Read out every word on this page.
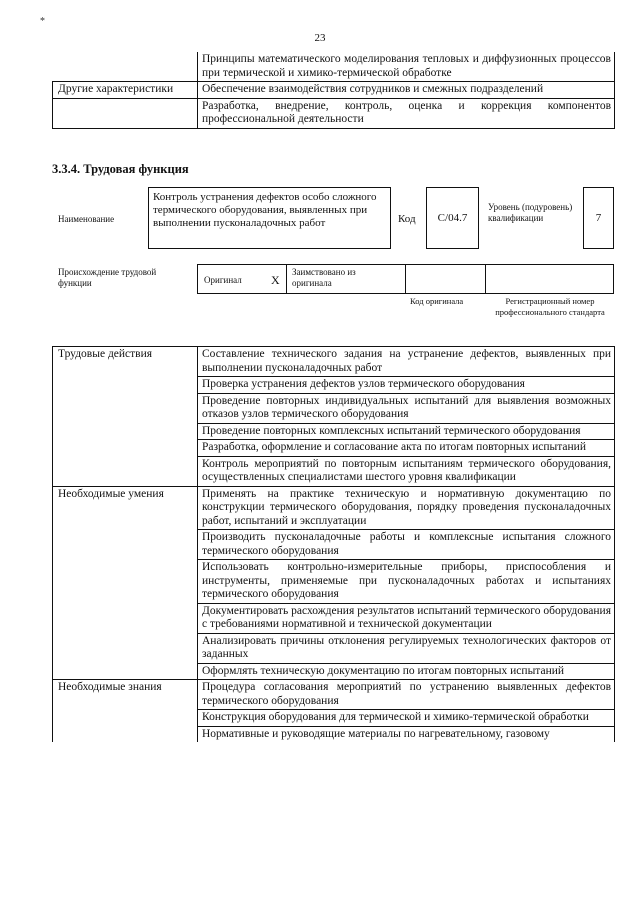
*
23
	Принципы математического моделирования тепловых и диффузионных процессов при термической и химико-термической обработке
Другие характеристики	Обеспечение взаимодействия сотрудников и смежных подразделений
	Разработка, внедрение, контроль, оценка и коррекция компонентов профессиональной деятельности
3.3.4. Трудовая функция
Наименование
Контроль устранения дефектов особо сложного термического оборудования, выявленных при выполнении пусконаладочных работ	Код C/04.7
Уровень (подуровень) квалификации	7
Происхождение трудовой функции	Оригинал X
Заимствовано из оригинала
Код оригинала	Регистрационный номер профессионального стандарта
Трудовые действия	Составление технического задания на устранение дефектов, выявленных при выполнении пусконаладочных работ
	Проверка устранения дефектов узлов термического оборудования
	Проведение повторных индивидуальных испытаний для выявления возможных отказов узлов термического оборудования
	Проведение повторных комплексных испытаний термического оборудования
	Разработка, оформление и согласование акта по итогам повторных испытаний
	Контроль мероприятий по повторным испытаниям термического оборудования, осуществленных специалистами шестого уровня квалификации
Необходимые умения	Применять на практике техническую и нормативную документацию по конструкции термического оборудования, порядку проведения пусконаладочных работ, испытаний и эксплуатации
	Производить пусконаладочные работы и комплексные испытания сложного термического оборудования
	Использовать контрольно-измерительные приборы, приспособления и инструменты, применяемые при пусконаладочных работах и испытаниях термического оборудования
	Документировать расхождения результатов испытаний термического оборудования с требованиями нормативной и технической документации
	Анализировать причины отклонения регулируемых технологических факторов от заданных
	Оформлять техническую документацию по итогам повторных испытаний
Необходимые знания	Процедура согласования мероприятий по устранению выявленных дефектов термического оборудования
	Конструкция оборудования для термической и химико-термической обработки
	Нормативные и руководящие материалы по нагревательному, газовому
